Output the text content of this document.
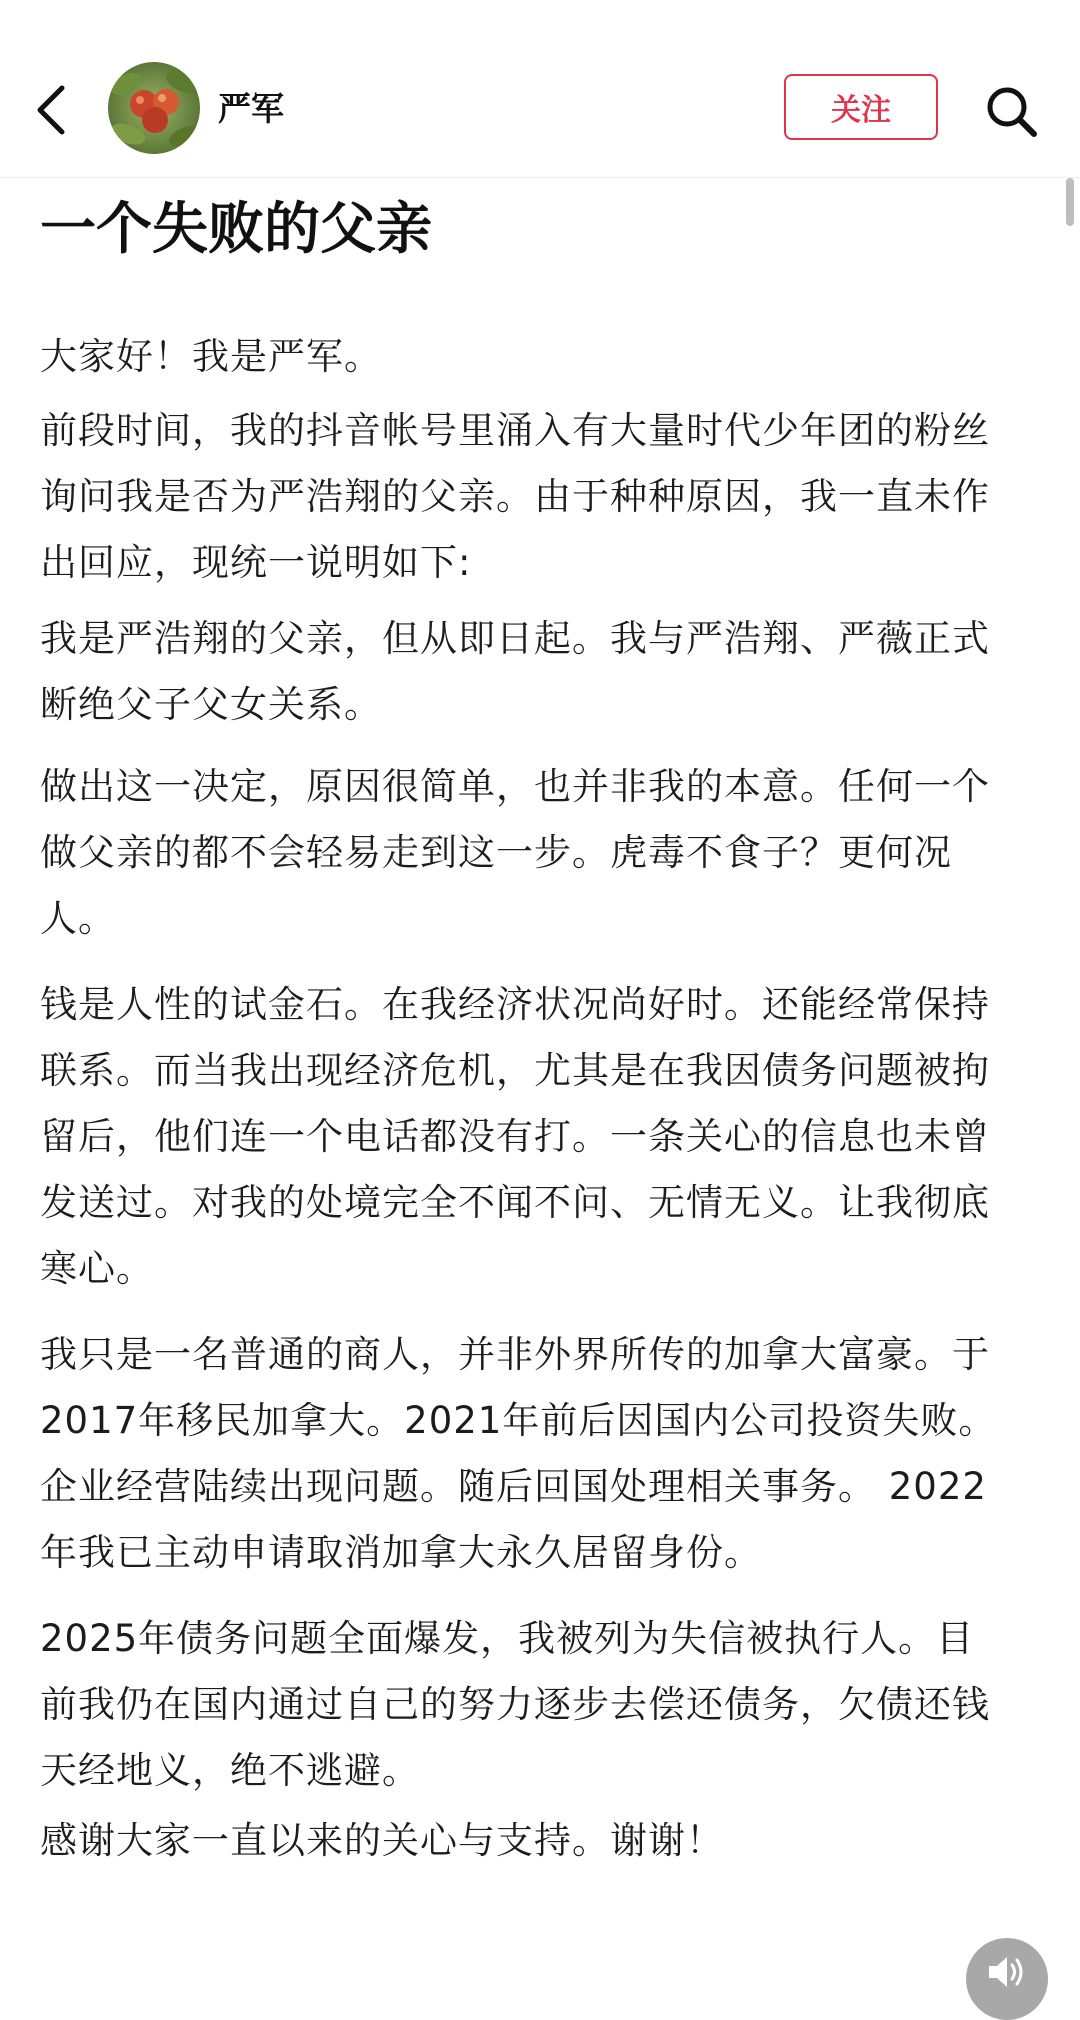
严军	关注
一个失败的父亲

大家好！我是严军。

前段时间，我的抖音帐号里涌入有大量时代少年团的粉丝
询问我是否为严浩翔的父亲。由于种种原因，我一直未作
出回应，现统一说明如下:

我是严浩翔的父亲，但从即日起。我与严浩翔、严薇正式
断绝父子父女关系。

做出这一决定，原因很简单，也并非我的本意。任何一个
做父亲的都不会轻易走到这一步。虎毒不食子？更何况
人。

钱是人性的试金石。在我经济状况尚好时。还能经常保持
联系。而当我出现经济危机，尤其是在我因债务问题被拘
留后，他们连一个电话都没有打。一条关心的信息也未曾
发送过。对我的处境完全不闻不问、无情无义。让我彻底
寒心。

我只是一名普通的商人，并非外界所传的加拿大富豪。于
2017年移民加拿大。2021年前后因国内公司投资失败。
企业经营陆续出现问题。随后回国处理相关事务。 2022
年我已主动申请取消加拿大永久居留身份。

2025年债务问题全面爆发，我被列为失信被执行人。目
前我仍在国内通过自己的努力逐步去偿还债务，欠债还钱
天经地义，绝不逃避。

感谢大家一直以来的关心与支持。谢谢！
